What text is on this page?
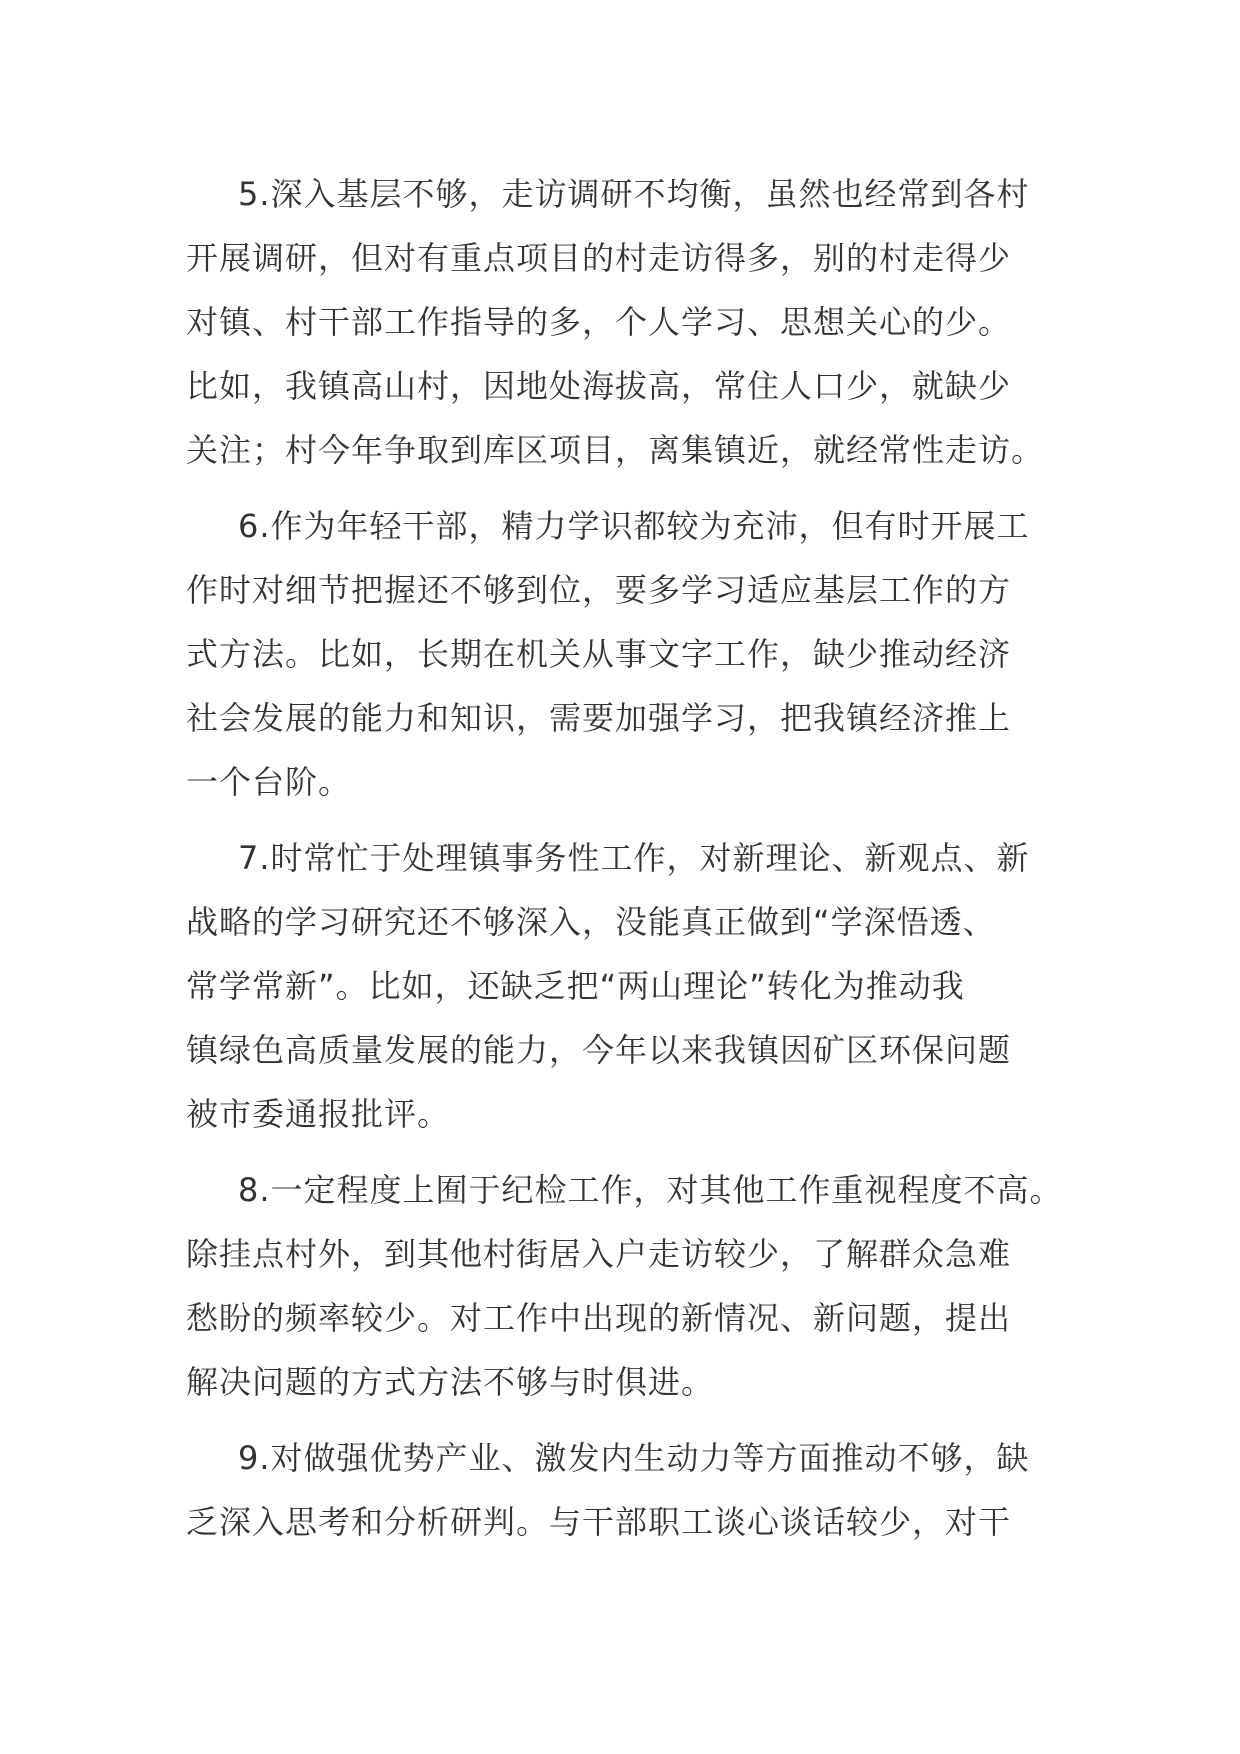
5.深入基层不够，走访调研不均衡，虽然也经常到各村
开展调研，但对有重点项目的村走访得多，别的村走得少
对镇、村干部工作指导的多，个人学习、思想关心的少。
比如，我镇高山村，因地处海拔高，常住人口少，就缺少
关注；村今年争取到库区项目，离集镇近，就经常性走访。
6.作为年轻干部，精力学识都较为充沛，但有时开展工
作时对细节把握还不够到位，要多学习适应基层工作的方
式方法。比如，长期在机关从事文字工作，缺少推动经济
社会发展的能力和知识，需要加强学习，把我镇经济推上
一个台阶。
7.时常忙于处理镇事务性工作，对新理论、新观点、新
战略的学习研究还不够深入，没能真正做到“学深悟透、
常学常新”。比如，还缺乏把“两山理论”转化为推动我
镇绿色高质量发展的能力，今年以来我镇因矿区环保问题
被市委通报批评。
8.一定程度上囿于纪检工作，对其他工作重视程度不高。
除挂点村外，到其他村街居入户走访较少，了解群众急难
愁盼的频率较少。对工作中出现的新情况、新问题，提出
解决问题的方式方法不够与时俱进。
9.对做强优势产业、激发内生动力等方面推动不够，缺
乏深入思考和分析研判。与干部职工谈心谈话较少，对干
